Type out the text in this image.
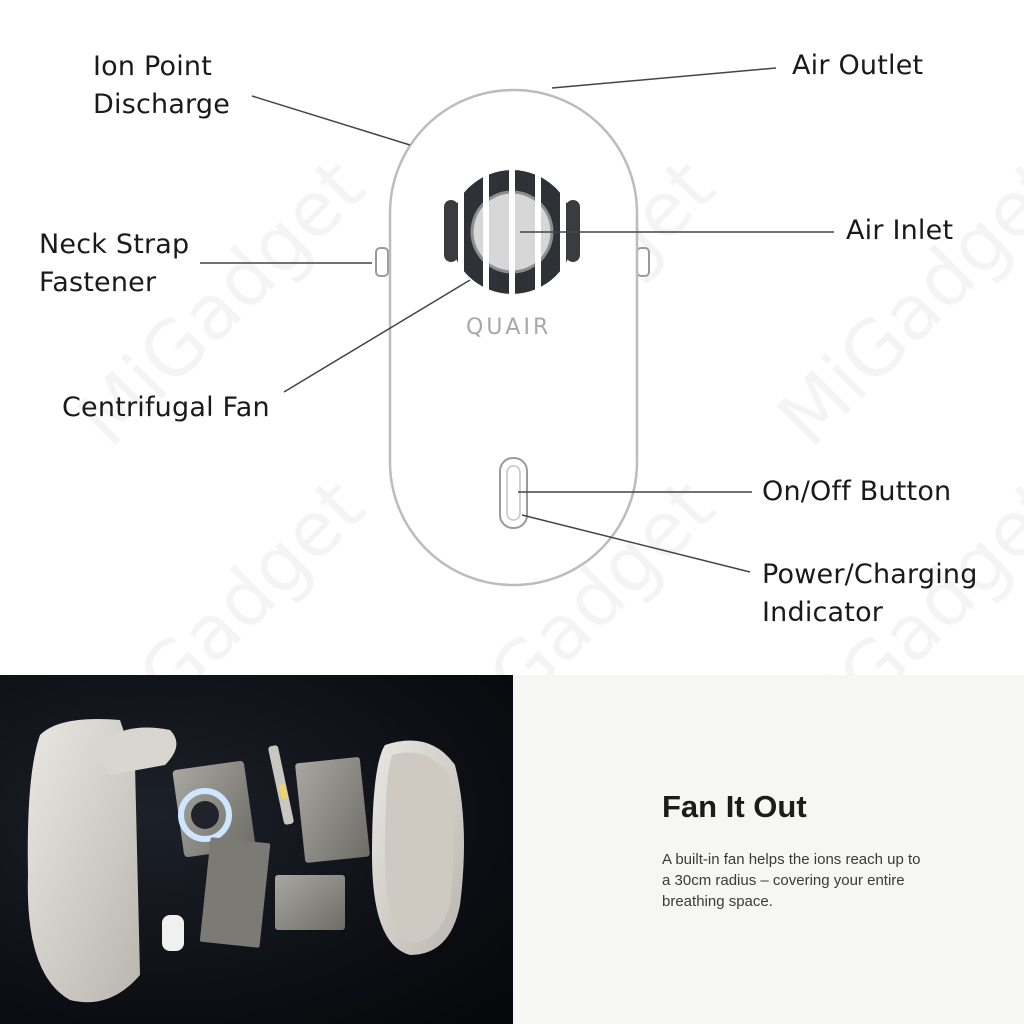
Ion Point
Discharge
Air Outlet
Neck Strap
Fastener
Air Inlet
Centrifugal Fan
On/Off Button
Power/Charging
Indicator
QUAIR
Fan It Out
A built-in fan helps the ions reach up to
a 30cm radius – covering your entire
breathing space.
